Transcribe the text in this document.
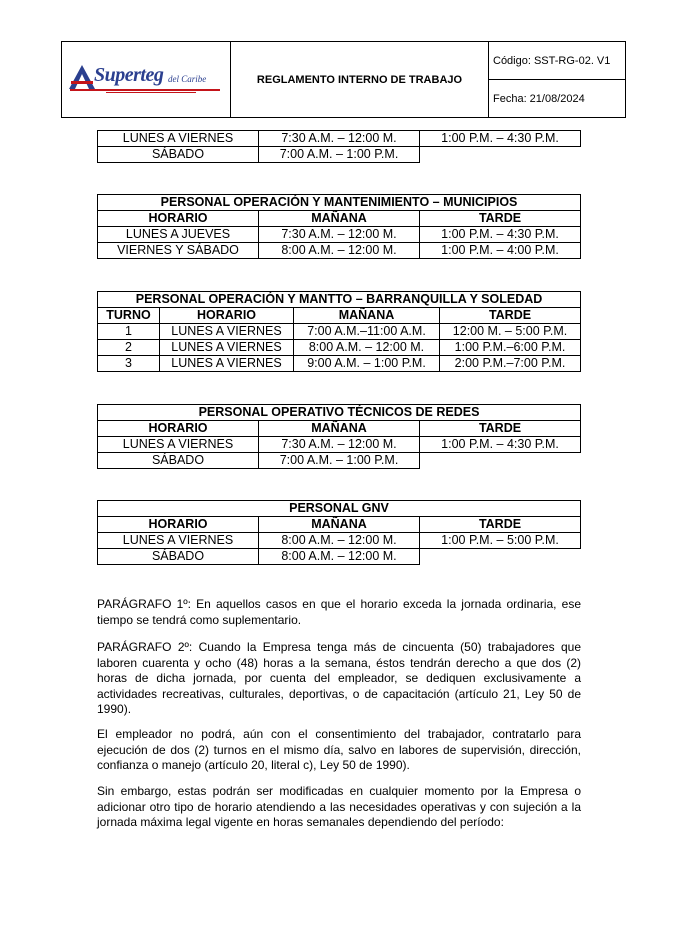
Superteg del Caribe	REGLAMENTO INTERNO DE TRABAJO	Código: SST-RG-02. V1
Fecha: 21/08/2024
LUNES A VIERNES	7:30 A.M. – 12:00 M.	1:00 P.M. – 4:30 P.M.
SÁBADO	7:00 A.M. – 1:00 P.M.	
PERSONAL OPERACIÓN Y MANTENIMIENTO – MUNICIPIOS		
HORARIO	MAÑANA	TARDE
LUNES A JUEVES	7:30 A.M. – 12:00 M.	1:00 P.M. – 4:30 P.M.
VIERNES Y SÁBADO	8:00 A.M. – 12:00 M.	1:00 P.M. – 4:00 P.M.
PERSONAL OPERACIÓN Y MANTTO – BARRANQUILLA Y SOLEDAD			
TURNO	HORARIO	MAÑANA	TARDE
1	LUNES A VIERNES	7:00 A.M.–11:00 A.M.	12:00 M. – 5:00 P.M.
2	LUNES A VIERNES	8:00 A.M. – 12:00 M.	1:00 P.M.–6:00 P.M.
3	LUNES A VIERNES	9:00 A.M. – 1:00 P.M.	2:00 P.M.–7:00 P.M.
PERSONAL OPERATIVO TÉCNICOS DE REDES		
HORARIO	MAÑANA	TARDE
LUNES A VIERNES	7:30 A.M. – 12:00 M.	1:00 P.M. – 4:30 P.M.
SÁBADO	7:00 A.M. – 1:00 P.M.	
PERSONAL GNV		
HORARIO	MAÑANA	TARDE
LUNES A VIERNES	8:00 A.M. – 12:00 M.	1:00 P.M. – 5:00 P.M.
SÁBADO	8:00 A.M. – 12:00 M.	

PARÁGRAFO 1º: En aquellos casos en que el horario exceda la jornada ordinaria, ese tiempo se tendrá como suplementario.

PARÁGRAFO 2º: Cuando la Empresa tenga más de cincuenta (50) trabajadores que laboren cuarenta y ocho (48) horas a la semana, éstos tendrán derecho a que dos (2) horas de dicha jornada, por cuenta del empleador, se dediquen exclusivamente a actividades recreativas, culturales, deportivas, o de capacitación (artículo 21, Ley 50 de 1990).

El empleador no podrá, aún con el consentimiento del trabajador, contratarlo para ejecución de dos (2) turnos en el mismo día, salvo en labores de supervisión, dirección, confianza o manejo (artículo 20, literal c), Ley 50 de 1990).

Sin embargo, estas podrán ser modificadas en cualquier momento por la Empresa o adicionar otro tipo de horario atendiendo a las necesidades operativas y con sujeción a la jornada máxima legal vigente en horas semanales dependiendo del período:
